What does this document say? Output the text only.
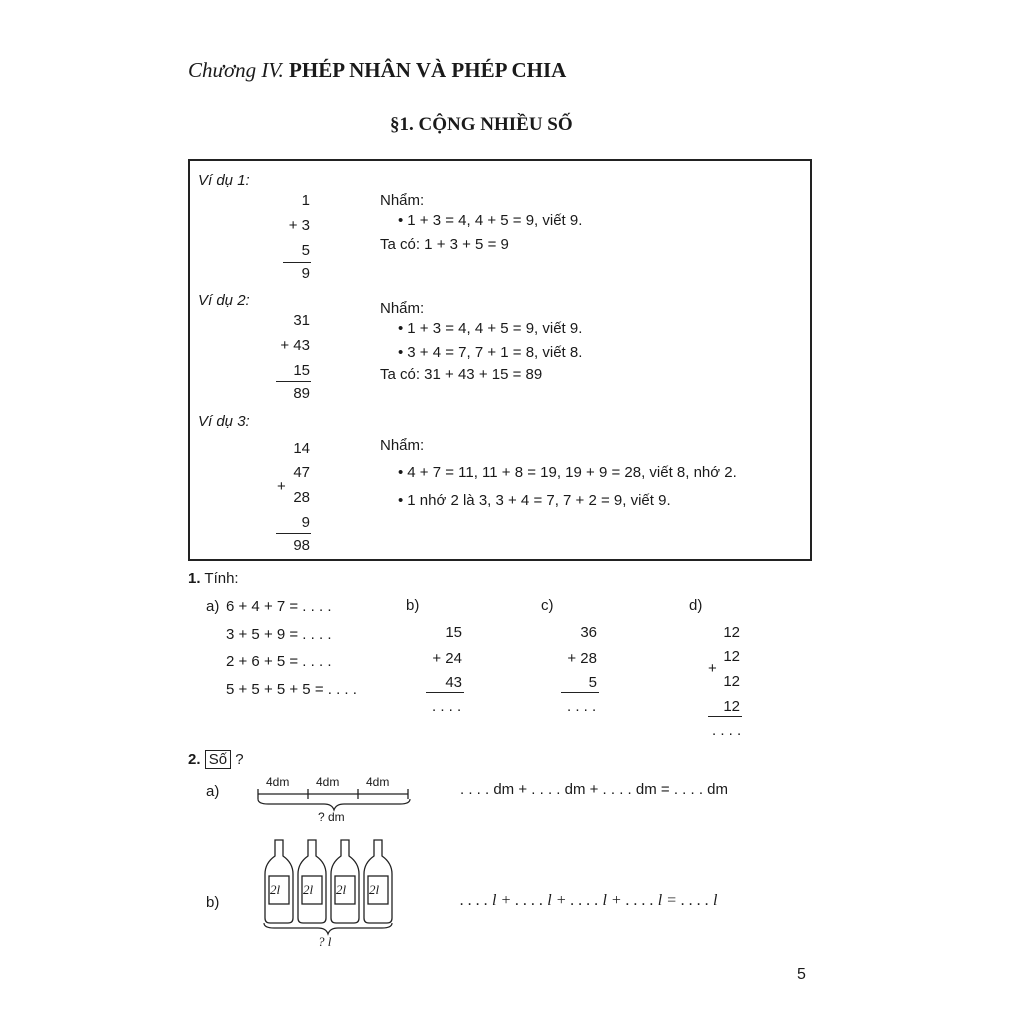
Chương IV. PHÉP NHÂN VÀ PHÉP CHIA
§1. CỘNG NHIỀU SỐ
Ví dụ 1:
1
+ 3
5
9
Nhẩm:
• 1 + 3 = 4, 4 + 5 = 9, viết 9.
Ta có: 1 + 3 + 5 = 9
Ví dụ 2:
31
+ 43
15
89
Nhẩm:
• 1 + 3 = 4, 4 + 5 = 9, viết 9.
• 3 + 4 = 7, 7 + 1 = 8, viết 8.
Ta có: 31 + 43 + 15 = 89
Ví dụ 3:
14
47
+
28
9
98
Nhẩm:
• 4 + 7 = 11, 11 + 8 = 19, 19 + 9 = 28, viết 8, nhớ 2.
• 1 nhớ 2 là 3, 3 + 4 = 7, 7 + 2 = 9, viết 9.
1. Tính:
a) 6 + 4 + 7 = . . . .
3 + 5 + 9 = . . . .
2 + 6 + 5 = . . . .
5 + 5 + 5 + 5 = . . . .
b)
15
+ 24
43
. . . .
c)
36
+ 28
5
. . . .
d)
12
12
+
12
12
. . . .
2. Số ?
a)
4dm 4dm 4dm
? dm
. . . . dm + . . . . dm + . . . . dm = . . . . dm
b)
2l 2l 2l 2l
? l
. . . . l + . . . . l + . . . . l + . . . . l = . . . . l
5
